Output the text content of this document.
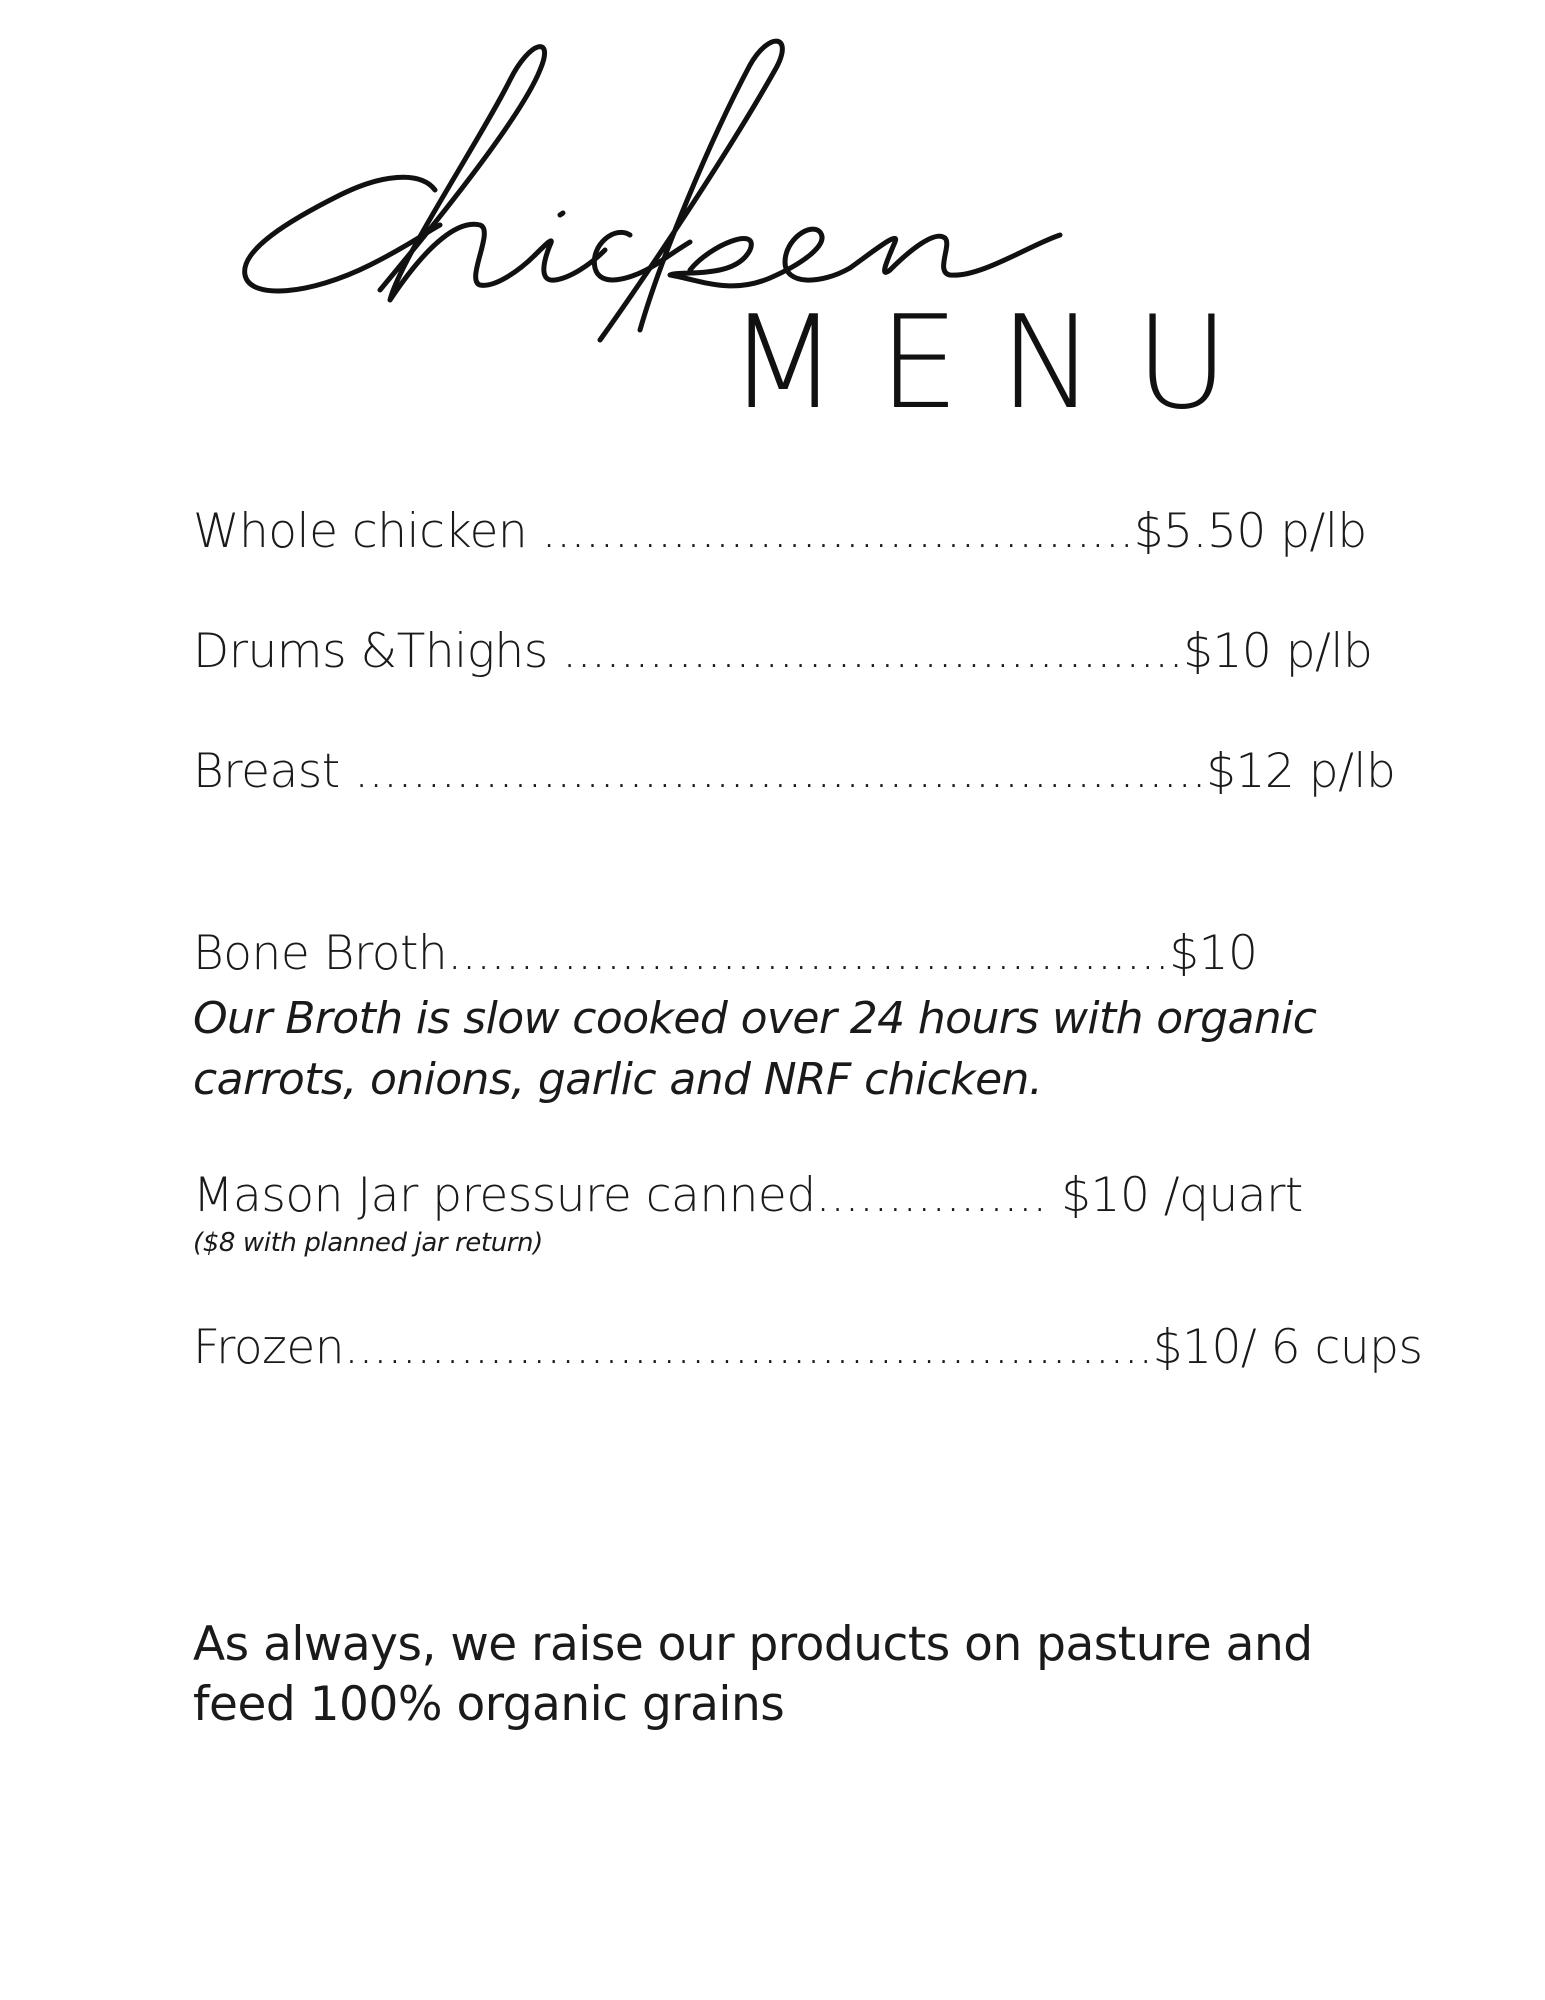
MENU
Whole chicken .........................................$5.50 p/lb
Drums &Thighs ...........................................$10 p/lb
Breast ...........................................................$12 p/lb
Bone Broth..................................................$10
Our Broth is slow cooked over 24 hours with organic carrots, onions, garlic and NRF chicken.
Mason Jar pressure canned................ $10 /quart
($8 with planned jar return)
Frozen........................................................$10/ 6 cups
As always, we raise our products on pasture and feed 100% organic grains
